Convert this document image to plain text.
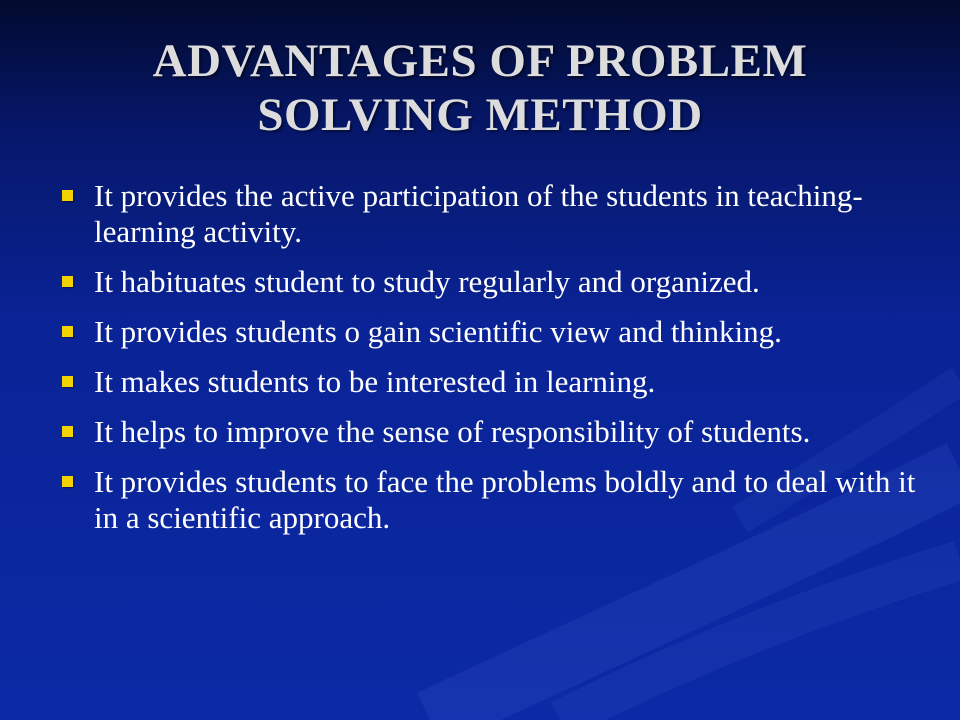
ADVANTAGES OF PROBLEM
SOLVING METHOD
It provides the active participation of the students in teaching-learning activity.
It habituates student to study regularly and organized.
It provides students o gain scientific view and thinking.
It makes students to be interested in learning.
It helps to improve the sense of responsibility of students.
It provides students to face the problems boldly and to deal with it in a scientific approach.
